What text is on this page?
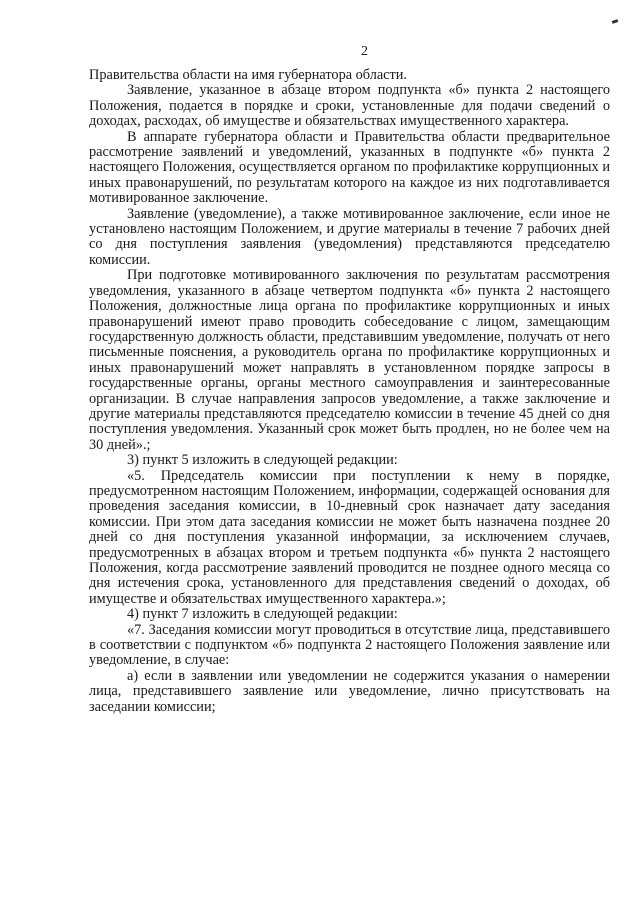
2

Правительства области на имя губернатора области.

Заявление, указанное в абзаце втором подпункта «б» пункта 2 настоящего Положения, подается в порядке и сроки, установленные для подачи сведений о доходах, расходах, об имуществе и обязательствах имущественного характера.

В аппарате губернатора области и Правительства области предварительное рассмотрение заявлений и уведомлений, указанных в подпункте «б» пункта 2 настоящего Положения, осуществляется органом по профилактике коррупционных и иных правонарушений, по результатам которого на каждое из них подготавливается мотивированное заключение.

Заявление (уведомление), а также мотивированное заключение, если иное не установлено настоящим Положением, и другие материалы в течение 7 рабочих дней со дня поступления заявления (уведомления) представляются председателю комиссии.

При подготовке мотивированного заключения по результатам рассмотрения уведомления, указанного в абзаце четвертом подпункта «б» пункта 2 настоящего Положения, должностные лица органа по профилактике коррупционных и иных правонарушений имеют право проводить собеседование с лицом, замещающим государственную должность области, представившим уведомление, получать от него письменные пояснения, а руководитель органа по профилактике коррупционных и иных правонарушений может направлять в установленном порядке запросы в государственные органы, органы местного самоуправления и заинтересованные организации. В случае направления запросов уведомление, а также заключение и другие материалы представляются председателю комиссии в течение 45 дней со дня поступления уведомления. Указанный срок может быть продлен, но не более чем на 30 дней».;

3) пункт 5 изложить в следующей редакции:

«5. Председатель комиссии при поступлении к нему в порядке, предусмотренном настоящим Положением, информации, содержащей основания для проведения заседания комиссии, в 10-дневный срок назначает дату заседания комиссии. При этом дата заседания комиссии не может быть назначена позднее 20 дней со дня поступления указанной информации, за исключением случаев, предусмотренных в абзацах втором и третьем подпункта «б» пункта 2 настоящего Положения, когда рассмотрение заявлений проводится не позднее одного месяца со дня истечения срока, установленного для представления сведений о доходах, об имуществе и обязательствах имущественного характера.»;

4) пункт 7 изложить в следующей редакции:

«7. Заседания комиссии могут проводиться в отсутствие лица, представившего в соответствии с подпунктом «б» подпункта 2 настоящего Положения заявление или уведомление, в случае:

а) если в заявлении или уведомлении не содержится указания о намерении лица, представившего заявление или уведомление, лично присутствовать на заседании комиссии;
